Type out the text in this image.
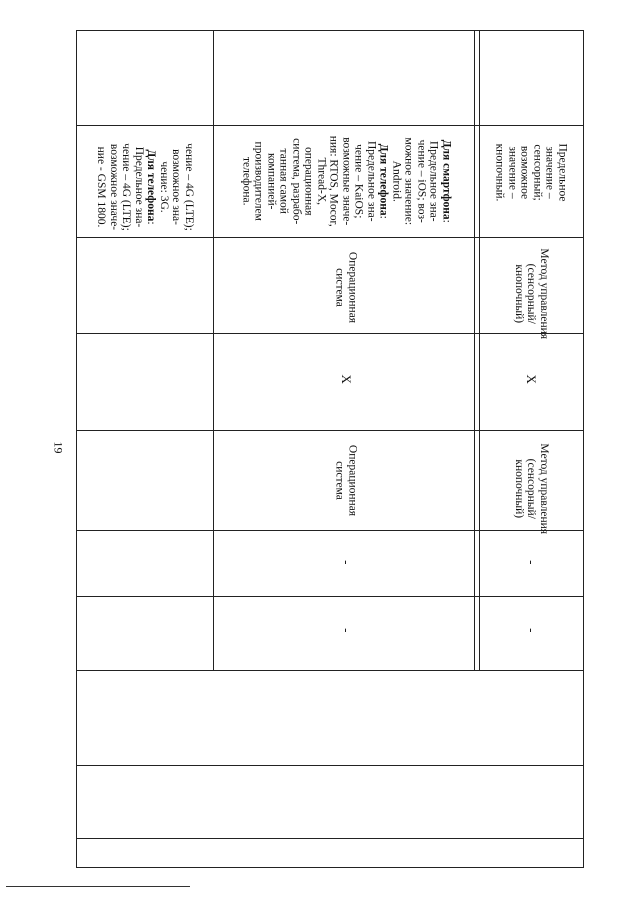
19
чение – 4G (LTE);
возможное зна-
чение: 3G.
Для телефона:
Предельное зна-
чение – 4G (LTE);
возможное значе-
ние - GSM 1800.
-
-
Операционная система
Х
Операционная система
Для смартфона:
Предельное зна-
чение – iOS; воз-
можное значение:
Android.
Для телефона:
Предельное зна-
чение – KaiOS;
возможные значе-
ния: RTOS, Mocor,
Thread-X,
операционная
система, разрабо-
танная самой
компанией-
производителем
телефона.
-
-
Метод управления (сенсорный/ кнопочный)
Х
Метод управления (сенсорный/ кнопочный)
Предельное
значение –
сенсорный;
возможное
значение –
кнопочный.
